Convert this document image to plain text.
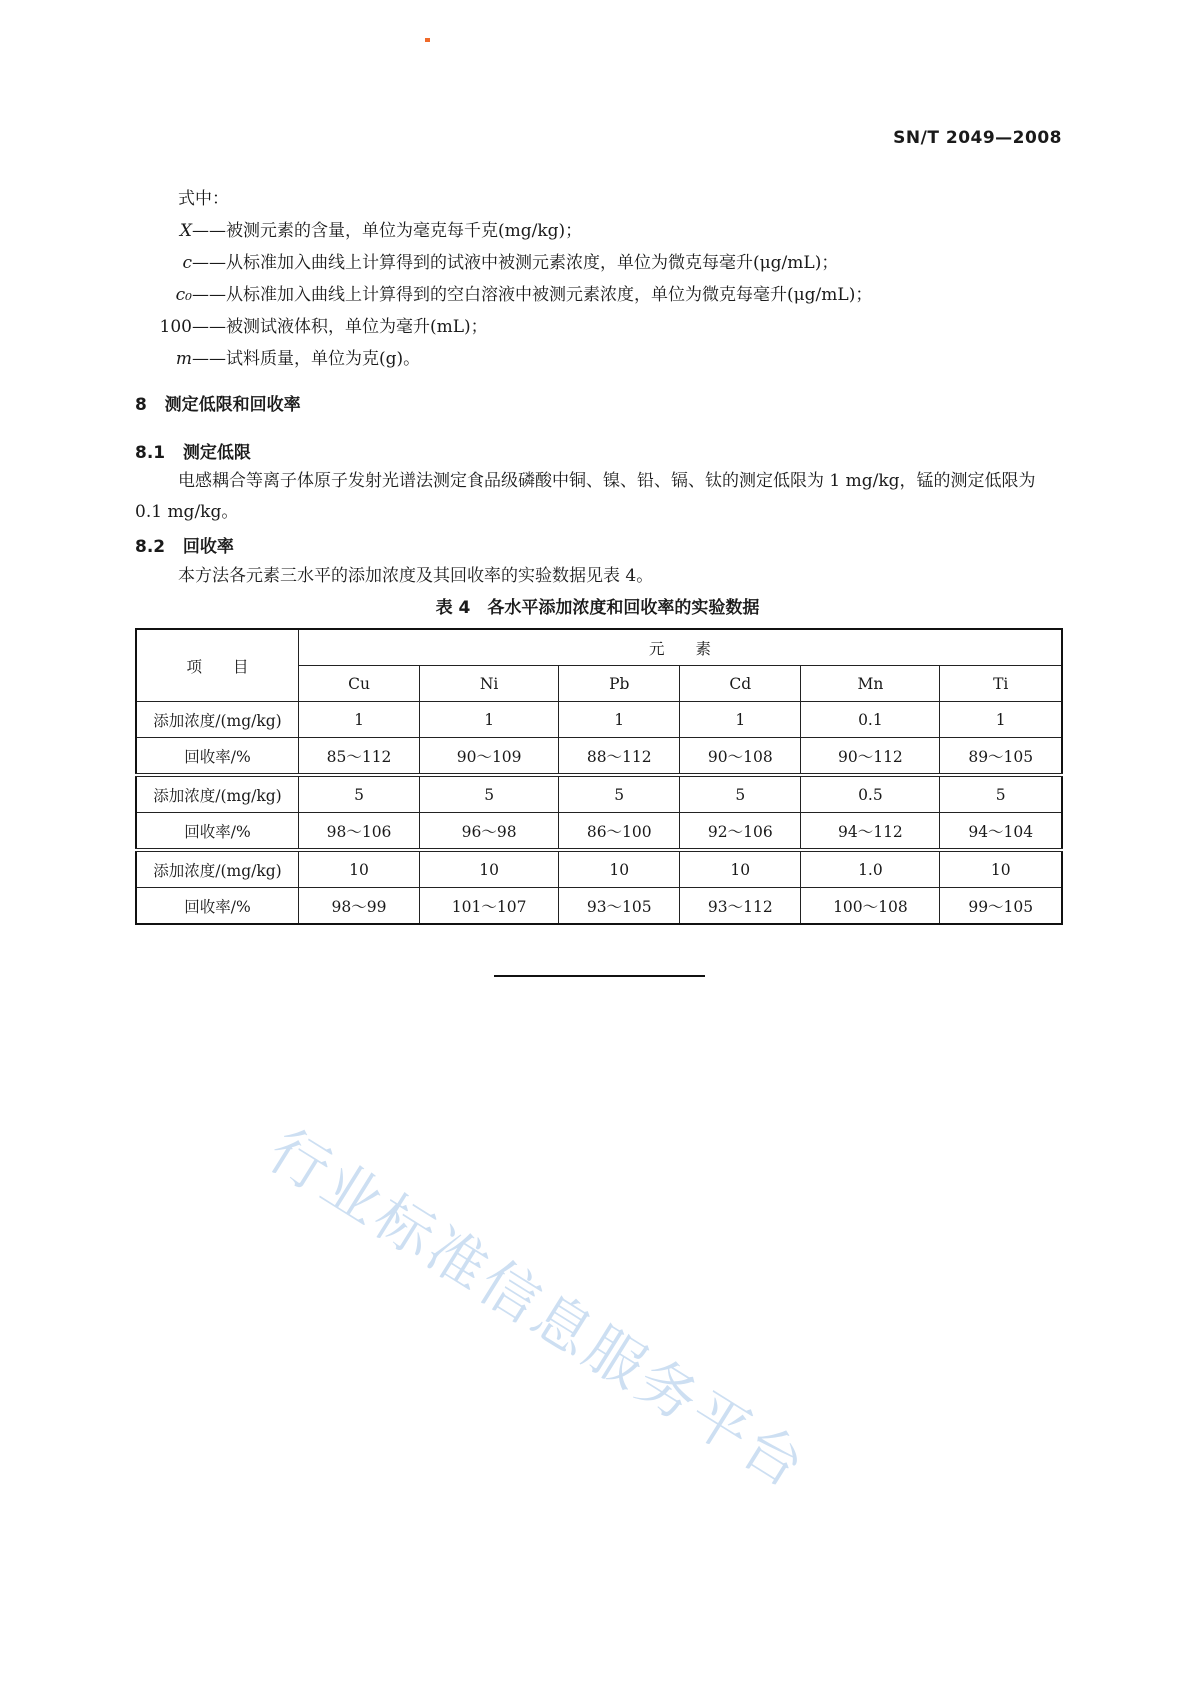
SN/T 2049—2008
式中：
X——被测元素的含量，单位为毫克每千克(mg/kg)；
c——从标准加入曲线上计算得到的试液中被测元素浓度，单位为微克每毫升(μg/mL)；
c₀——从标准加入曲线上计算得到的空白溶液中被测元素浓度，单位为微克每毫升(μg/mL)；
100——被测试液体积，单位为毫升(mL)；
m——试料质量，单位为克(g)。
8 测定低限和回收率
8.1 测定低限
电感耦合等离子体原子发射光谱法测定食品级磷酸中铜、镍、铅、镉、钛的测定低限为 1 mg/kg，锰的测定低限为 0.1 mg/kg。
8.2 回收率
本方法各元素三水平的添加浓度及其回收率的实验数据见表 4。
表 4　各水平添加浓度和回收率的实验数据
项　　目	元　　素					
	Cu	Ni	Pb	Cd	Mn	Ti
添加浓度/(mg/kg)	1	1	1	1	0.1	1
回收率/%	85～112	90～109	88～112	90～108	90～112	89～105
添加浓度/(mg/kg)	5	5	5	5	0.5	5
回收率/%	98～106	96～98	86～100	92～106	94～112	94～104
添加浓度/(mg/kg)	10	10	10	10	1.0	10
回收率/%	98～99	101～107	93～105	93～112	100～108	99～105
行业标准信息服务平台
